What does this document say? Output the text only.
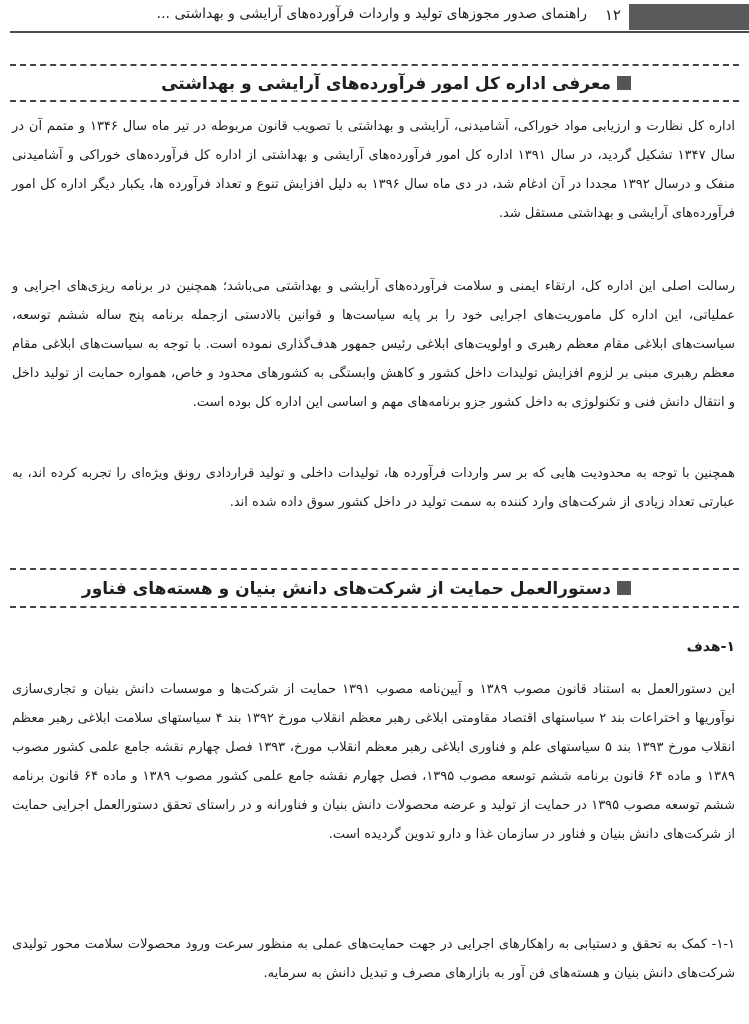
۱۲
راهنمای صدور مجوزهای تولید و واردات فرآورده‌های آرایشی و بهداشتی ...
معرفی اداره کل امور فرآورده‌های آرایشی و بهداشتی
اداره کل نظارت و ارزیابی مواد خوراکی، آشامیدنی، آرایشی و بهداشتی با تصویب قانون مربوطه در تیر ماه سال ۱۳۴۶ و متمم آن در سال ۱۳۴۷ تشکیل گردید، در سال ۱۳۹۱ اداره کل امور فرآورده‌های آرایشی و بهداشتی از اداره کل فرآورده‌های خوراکی و آشامیدنی منفک و درسال ۱۳۹۲ مجددا در آن ادغام شد، در دی ماه سال ۱۳۹۶ به دلیل افزایش تنوع و تعداد فرآورده ها، یکبار دیگر اداره کل امور فرآورده‌های آرایشی و بهداشتی مستقل شد.
رسالت اصلی این اداره کل، ارتقاء ایمنی و سلامت فرآورده‌های آرایشی و بهداشتی می‌باشد؛ همچنین در برنامه ریزی‌های اجرایی و عملیاتی، این اداره کل ماموریت‌های اجرایی خود را بر پایه سیاست‌ها و قوانین بالادستی ازجمله برنامه پنج ساله ششم توسعه، سیاست‌های ابلاغی مقام معظم رهبری و اولویت‌های ابلاغی رئیس جمهور هدف‌گذاری نموده است. با توجه به سیاست‌های ابلاغی مقام معظم رهبری مبنی بر لزوم افزایش تولیدات داخل کشور و کاهش وابستگی به کشورهای محدود و خاص، همواره حمایت از تولید داخل و انتقال دانش فنی و تکنولوژی به داخل کشور جزو برنامه‌های مهم و اساسی این اداره کل بوده است.
همچنین با توجه به محدودیت هایی که بر سر واردات فرآورده ها، تولیدات داخلی و تولید قراردادی رونق ویژه‌ای را تجربه کرده اند، به عبارتی تعداد زیادی از شرکت‌های وارد کننده به سمت تولید در داخل کشور سوق داده شده اند.
دستورالعمل حمایت از شرکت‌های دانش بنیان و هسته‌های فناور
۱-هدف
این دستورالعمل به استناد قانون مصوب ۱۳۸۹ و آیین‌نامه مصوب ۱۳۹۱ حمایت از شرکت‌ها و موسسات دانش بنیان و تجاری‌سازی نوآوریها و اختراعات بند ۲ سیاستهای اقتصاد مقاومتی ابلاغی رهبر معظم انقلاب مورخ ۱۳۹۲ بند ۴ سیاستهای سلامت ابلاغی رهبر معظم انقلاب مورخ ۱۳۹۳ بند ۵ سیاستهای علم و فناوری ابلاغی رهبر معظم انقلاب مورخ، ۱۳۹۳ فصل چهارم نقشه جامع علمی کشور مصوب ۱۳۸۹ و ماده ۶۴ قانون برنامه ششم توسعه مصوب ۱۳۹۵، فصل چهارم نقشه جامع علمی کشور مصوب ۱۳۸۹ و ماده ۶۴ قانون برنامه ششم توسعه مصوب ۱۳۹۵ در حمایت از تولید و عرضه محصولات دانش بنیان و فناورانه و در راستای تحقق دستورالعمل اجرایی حمایت از شرکت‌های دانش بنیان و فناور در سازمان غذا و دارو تدوین گردیده است.
۱-۱- کمک به تحقق و دستیابی به راهکارهای اجرایی در جهت حمایت‌های عملی به منظور سرعت ورود محصولات سلامت محور تولیدی شرکت‌های دانش بنیان و هسته‌های فن آور به بازارهای مصرف و تبدیل دانش به سرمایه.
